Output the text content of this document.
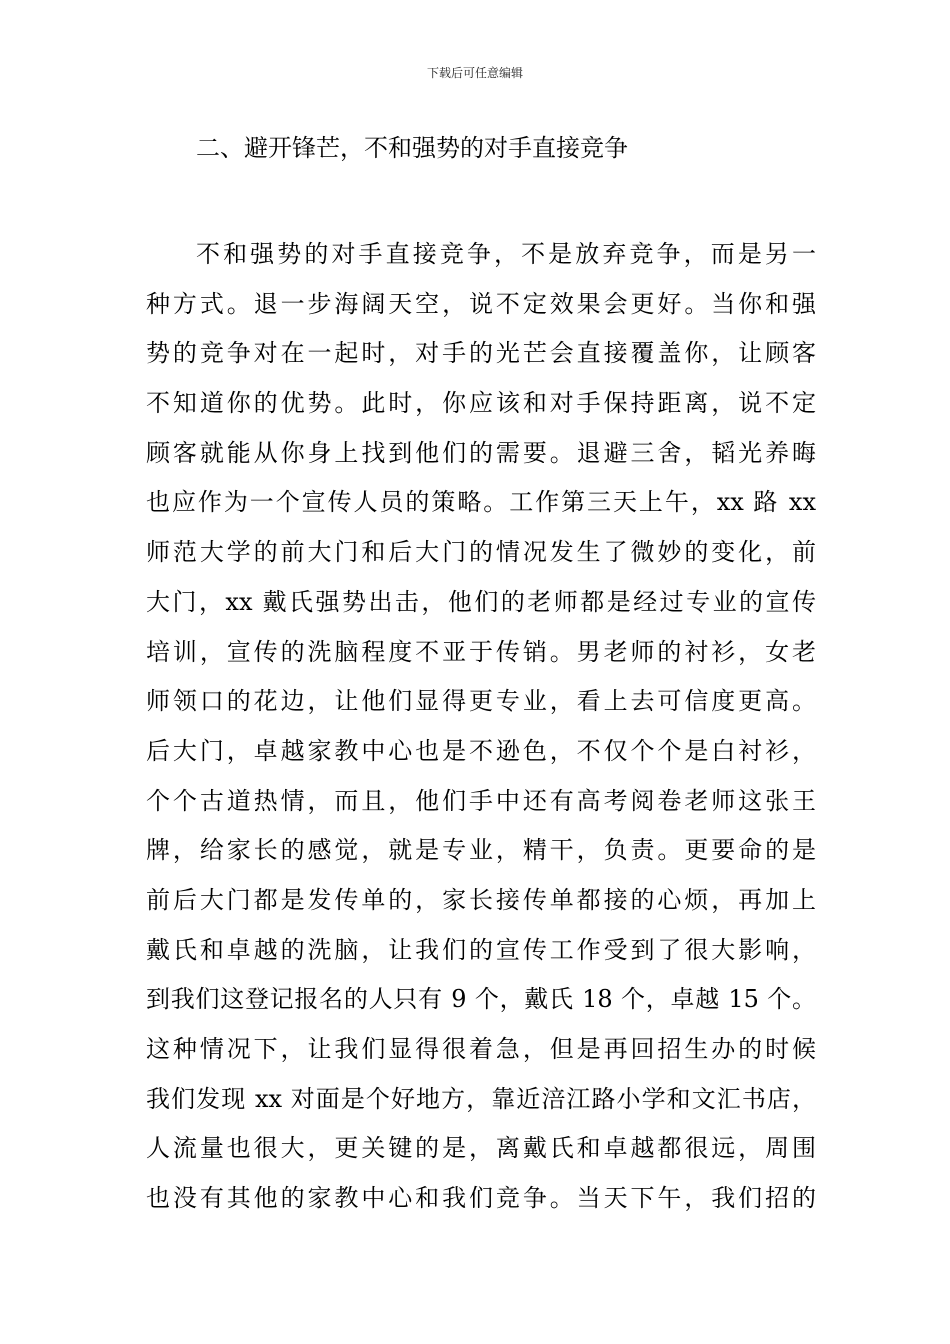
下载后可任意编辑
二、避开锋芒，不和强势的对手直接竞争
不和强势的对手直接竞争，不是放弃竞争，而是另一
种方式。退一步海阔天空，说不定效果会更好。当你和强
势的竞争对在一起时，对手的光芒会直接覆盖你，让顾客
不知道你的优势。此时，你应该和对手保持距离，说不定
顾客就能从你身上找到他们的需要。退避三舍，韬光养晦
也应作为一个宣传人员的策略。工作第三天上午，xx 路 xx
师范大学的前大门和后大门的情况发生了微妙的变化，前
大门，xx 戴氏强势出击，他们的老师都是经过专业的宣传
培训，宣传的洗脑程度不亚于传销。男老师的衬衫，女老
师领口的花边，让他们显得更专业，看上去可信度更高。
后大门，卓越家教中心也是不逊色，不仅个个是白衬衫，
个个古道热情，而且，他们手中还有高考阅卷老师这张王
牌，给家长的感觉，就是专业，精干，负责。更要命的是
前后大门都是发传单的，家长接传单都接的心烦，再加上
戴氏和卓越的洗脑，让我们的宣传工作受到了很大影响，
到我们这登记报名的人只有 9 个，戴氏 18 个，卓越 15 个。
这种情况下，让我们显得很着急，但是再回招生办的时候
我们发现 xx 对面是个好地方，靠近涪江路小学和文汇书店，
人流量也很大，更关键的是，离戴氏和卓越都很远，周围
也没有其他的家教中心和我们竞争。当天下午，我们招的
